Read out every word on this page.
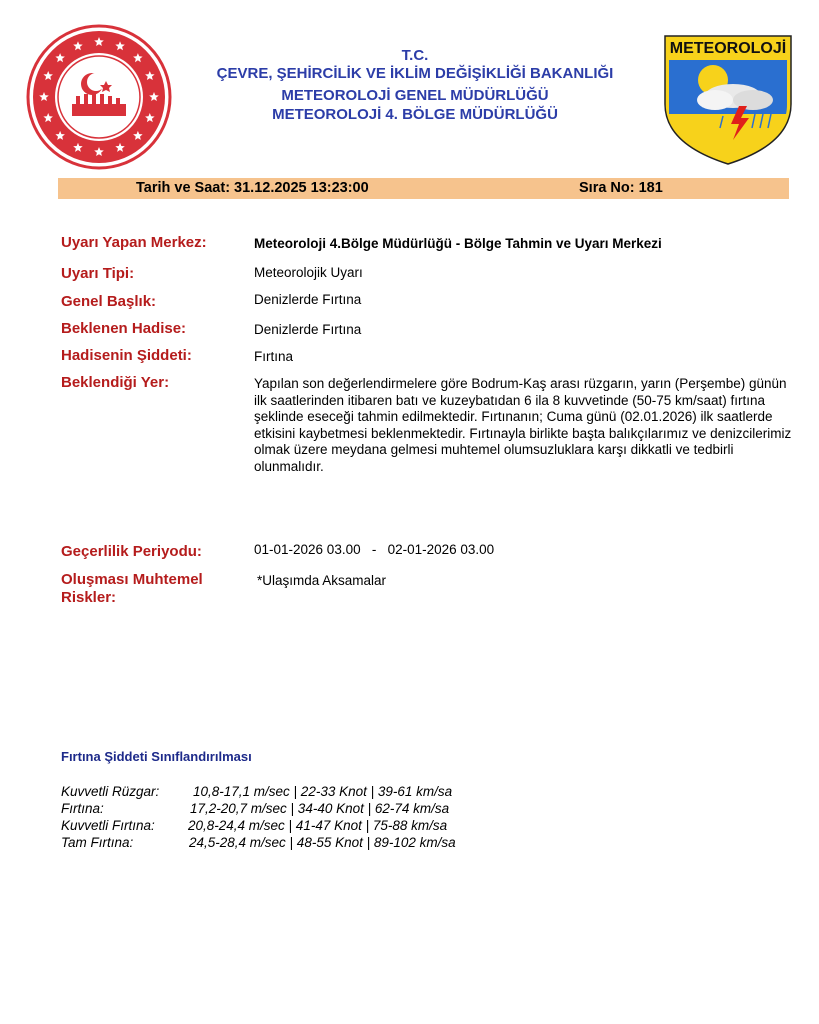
T.C.
ÇEVRE, ŞEHİRCİLİK VE İKLİM DEĞİŞİKLİĞİ BAKANLIĞI
METEOROLOJİ GENEL MÜDÜRLÜĞÜ
METEOROLOJİ 4. BÖLGE MÜDÜRLÜĞÜ
METEOROLOJİ
Tarih ve Saat: 31.12.2025 13:23:00	Sıra No: 181
Uyarı Yapan Merkez:	Meteoroloji 4.Bölge Müdürlüğü - Bölge Tahmin ve Uyarı Merkezi
Uyarı Tipi:	Meteorolojik Uyarı
Genel Başlık:	Denizlerde Fırtına
Beklenen Hadise:	Denizlerde Fırtına
Hadisenin Şiddeti:	Fırtına
Beklendiği Yer:	Yapılan son değerlendirmelere göre Bodrum-Kaş arası rüzgarın, yarın (Perşembe) günün ilk saatlerinden itibaren batı ve kuzeybatıdan 6 ila 8 kuvvetinde (50-75 km/saat) fırtına şeklinde eseceği tahmin edilmektedir. Fırtınanın; Cuma günü (02.01.2026) ilk saatlerde etkisini kaybetmesi beklenmektedir. Fırtınayla birlikte başta balıkçılarımız ve denizcilerimiz olmak üzere meydana gelmesi muhtemel olumsuzluklara karşı dikkatli ve tedbirli olunmalıdır.
Geçerlilik Periyodu:	01-01-2026 03.00   -   02-01-2026 03.00
Oluşması Muhtemel Riskler:
*Ulaşımda Aksamalar
Fırtına Şiddeti Sınıflandırılması
Kuvvetli Rüzgar: 10,8-17,1 m/sec | 22-33 Knot | 39-61 km/sa
Fırtına:	17,2-20,7 m/sec | 34-40 Knot | 62-74 km/sa
Kuvvetli Fırtına: 20,8-24,4 m/sec | 41-47 Knot | 75-88 km/sa
Tam Fırtına:	24,5-28,4 m/sec | 48-55 Knot | 89-102 km/sa
